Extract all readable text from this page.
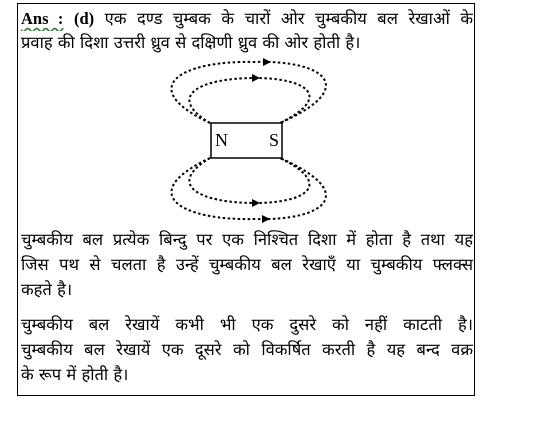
Ans : (d) एक दण्ड चुम्बक के चारों ओर चुम्बकीय बल रेखाओं के
प्रवाह की दिशा उत्तरी ध्रुव से दक्षिणी ध्रुव की ओर होती है।
N S
चुम्बकीय बल प्रत्येक बिन्दु पर एक निश्चित दिशा में होता है तथा यह
जिस पथ से चलता है उन्हें चुम्बकीय बल रेखाएँ या चुम्बकीय फ्लक्स
कहते है।
चुम्बकीय बल रेखायें कभी भी एक दुसरे को नहीं काटती है।
चुम्बकीय बल रेखायें एक दूसरे को विकर्षित करती है यह बन्द वक्र
के रूप में होती है।
